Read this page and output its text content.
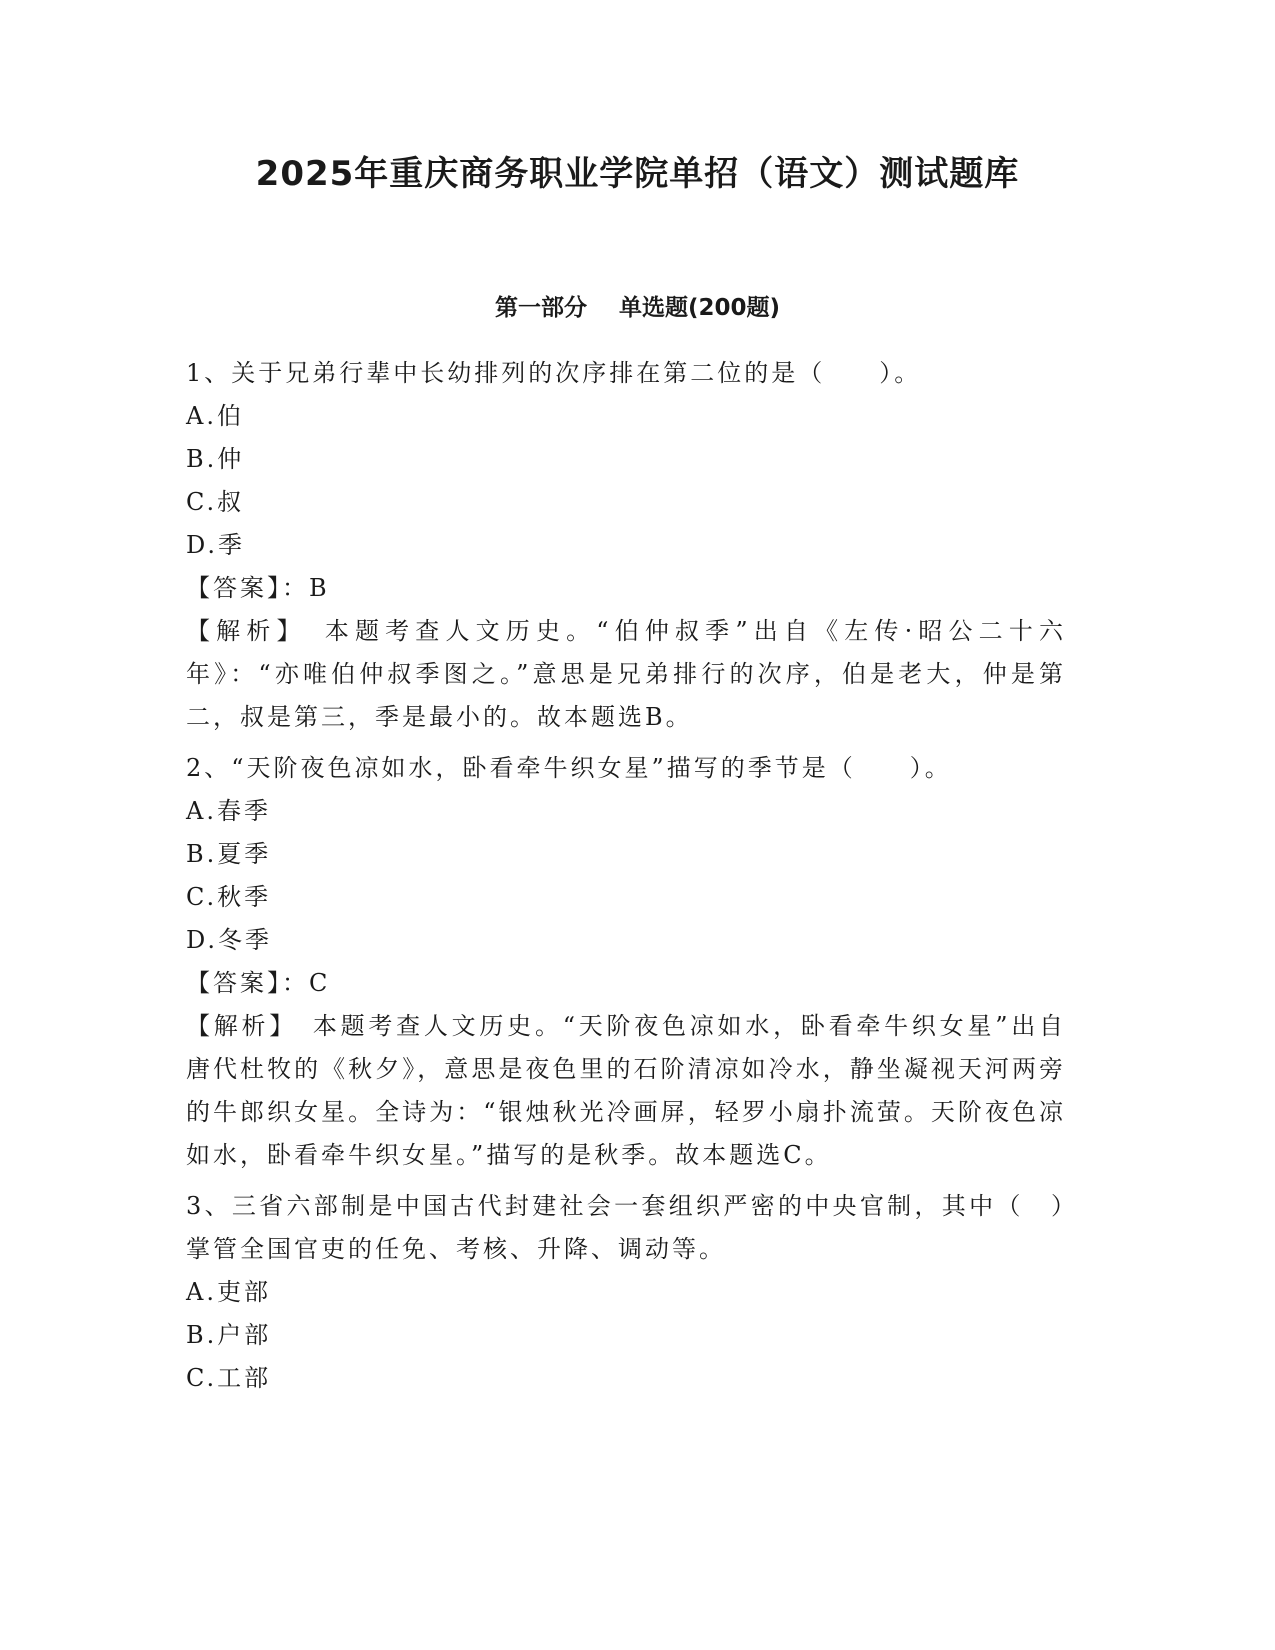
2025年重庆商务职业学院单招（语文）测试题库
第一部分    单选题(200题)

1、关于兄弟行辈中长幼排列的次序排在第二位的是（　　）。

A.伯

B.仲

C.叔

D.季

【答案】：B

【解析】　本题考查人文历史。“伯仲叔季”出自《左传·昭公二十六年》：“亦唯伯仲叔季图之。”意思是兄弟排行的次序，伯是老大，仲是第二，叔是第三，季是最小的。故本题选B。

2、“天阶夜色凉如水，卧看牵牛织女星”描写的季节是（　　）。

A.春季

B.夏季

C.秋季

D.冬季

【答案】：C

【解析】　本题考查人文历史。“天阶夜色凉如水，卧看牵牛织女星”出自唐代杜牧的《秋夕》，意思是夜色里的石阶清凉如冷水，静坐凝视天河两旁的牛郎织女星。全诗为：“银烛秋光冷画屏，轻罗小扇扑流萤。天阶夜色凉如水，卧看牵牛织女星。”描写的是秋季。故本题选C。

3、三省六部制是中国古代封建社会一套组织严密的中央官制，其中（　）掌管全国官吏的任免、考核、升降、调动等。

A.吏部

B.户部

C.工部
